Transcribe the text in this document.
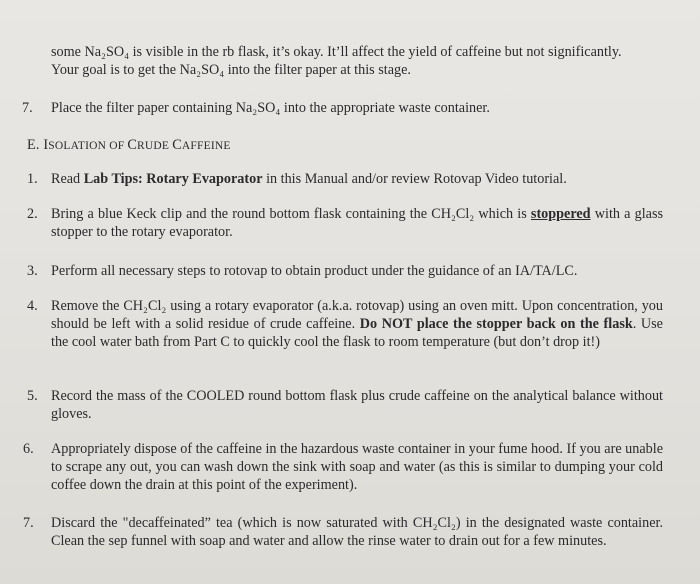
some Na₂SO₄ is visible in the rb flask, it’s okay. It’ll affect the yield of caffeine but not significantly.
Your goal is to get the Na₂SO₄ into the filter paper at this stage.

7. Place the filter paper containing Na₂SO₄ into the appropriate waste container.

E. ISOLATION OF CRUDE CAFFEINE

1. Read Lab Tips: Rotary Evaporator in this Manual and/or review Rotovap Video tutorial.

2. Bring a blue Keck clip and the round bottom flask containing the CH₂Cl₂ which is stoppered with a glass stopper to the rotary evaporator.

3. Perform all necessary steps to rotovap to obtain product under the guidance of an IA/TA/LC.

4. Remove the CH₂Cl₂ using a rotary evaporator (a.k.a. rotovap) using an oven mitt. Upon concentration, you should be left with a solid residue of crude caffeine. Do NOT place the stopper back on the flask. Use the cool water bath from Part C to quickly cool the flask to room temperature (but don’t drop it!)

5. Record the mass of the COOLED round bottom flask plus crude caffeine on the analytical balance without gloves.

6. Appropriately dispose of the caffeine in the hazardous waste container in your fume hood. If you are unable to scrape any out, you can wash down the sink with soap and water (as this is similar to dumping your cold coffee down the drain at this point of the experiment).

7. Discard the "decaffeinated” tea (which is now saturated with CH₂Cl₂) in the designated waste container. Clean the sep funnel with soap and water and allow the rinse water to drain out for a few minutes.
